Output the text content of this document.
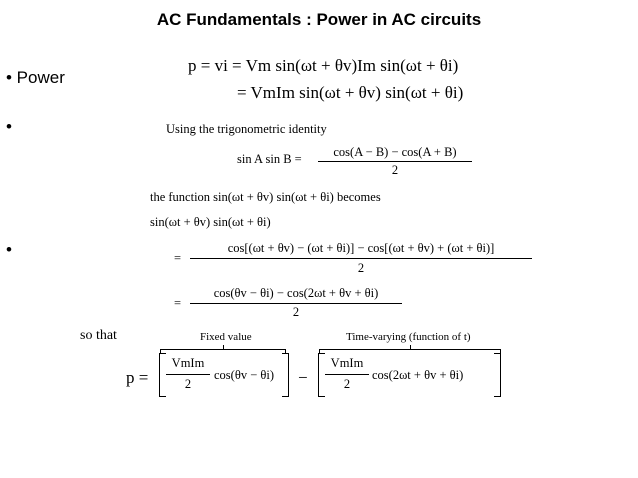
AC Fundamentals : Power in AC circuits
• Power
•
•
p = vi = Vm sin(ωt + θv)Im sin(ωt + θi)
= VmIm sin(ωt + θv) sin(ωt + θi)
Using the trigonometric identity
sin A sin B =	cos(A − B) − cos(A + B)
2
the function sin(ωt + θv) sin(ωt + θi) becomes
sin(ωt + θv) sin(ωt + θi)
=
cos[(ωt + θv) − (ωt + θi)] − cos[(ωt + θv) + (ωt + θi)]
2
=
cos(θv − θi) − cos(2ωt + θv + θi)
2
so that	Fixed value	Time-varying (function of t)
p =
VmIm
2
cos(θv − θi) −
VmIm
2
cos(2ωt + θv + θi)
